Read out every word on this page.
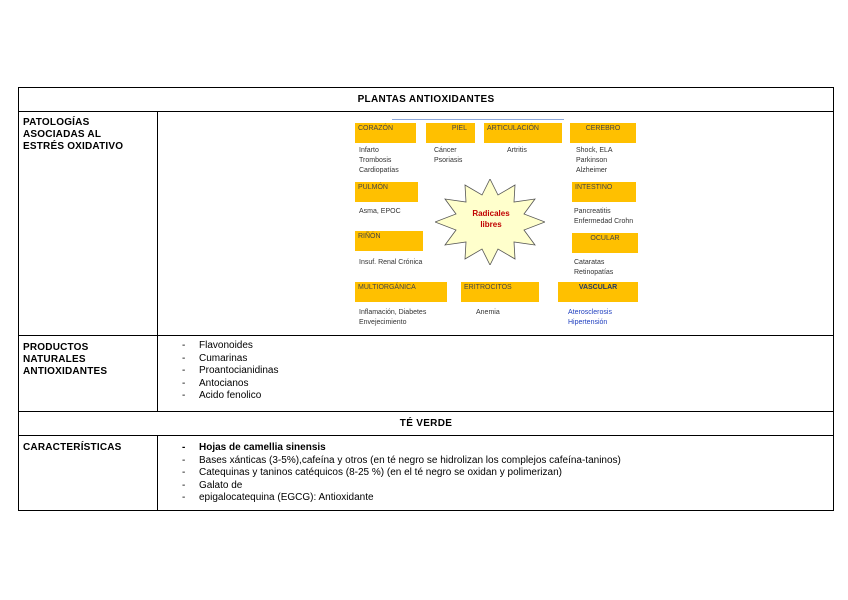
PLANTAS ANTIOXIDANTES
PATOLOGÍAS
ASOCIADAS AL
ESTRÉS OXIDATIVO
CORAZÓN
Infarto
Trombosis
Cardiopatías
PIEL
Cáncer
Psoriasis
ARTICULACIÓN
Artritis
CEREBRO
Shock, ELA
Parkinson
Alzheimer
PULMÓN
Asma, EPOC	Radicales
libres
INTESTINO
Pancreatitis
Enfermedad Crohn
RIÑÓN
Insuf. Renal Crónica
OCULAR
Cataratas
Retinopatías
MULTIORGÁNICA
Inflamación, Diabetes
Envejecimiento
ERITROCITOS
Anemia
VASCULAR
Aterosclerosis
Hipertensión
PRODUCTOS
NATURALES
ANTIOXIDANTES
- Flavonoides
- Cumarinas
- Proantocianidinas
- Antocianos
- Acido fenolico
TÉ VERDE
CARACTERÍSTICAS
-	Hojas de camellia sinensis
- Bases xánticas (3-5%),cafeína y otros (en té negro se hidrolizan los complejos cafeína-taninos)
- Catequinas y taninos catéquicos (8-25 %) (en el té negro se oxidan y polimerizan)
- Galato de
- epigalocatequina (EGCG): Antioxidante
